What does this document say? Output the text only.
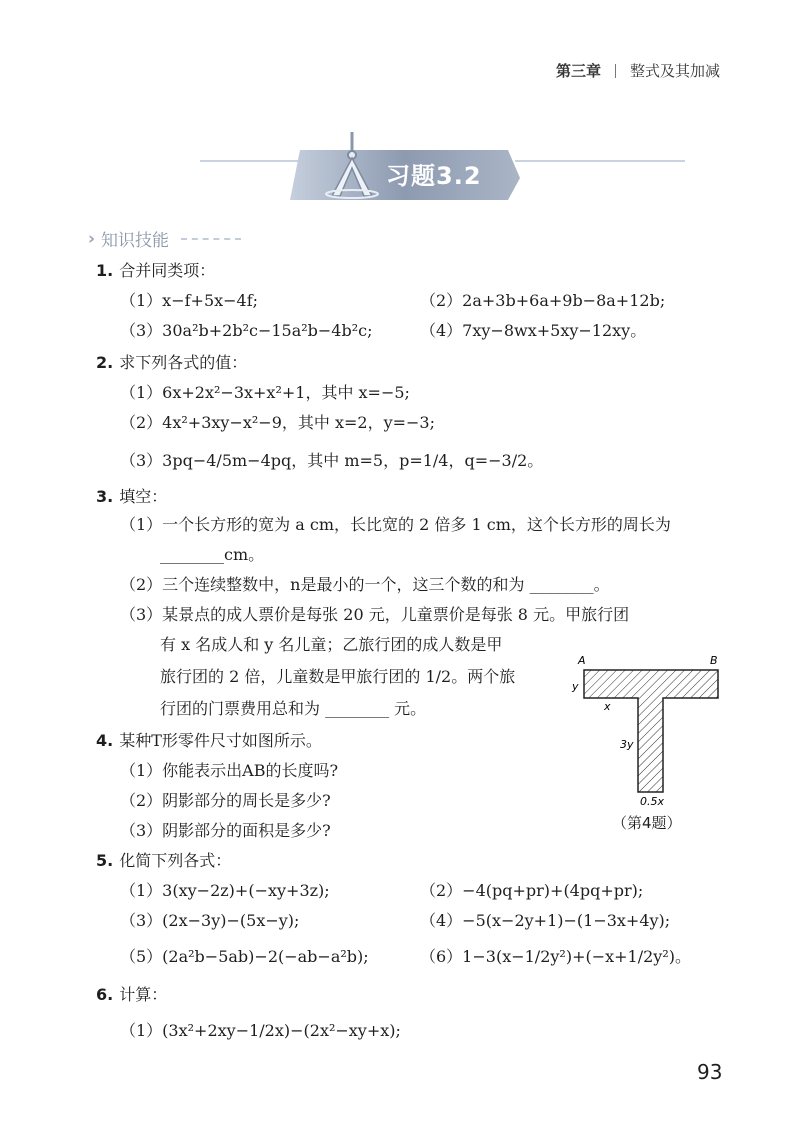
第三章 整式及其加减
习题3.2
› 知识技能
1. 合并同类项：
（1）x−f+5x−4f;	（2）2a+3b+6a+9b−8a+12b;
（3）30a²b+2b²c−15a²b−4b²c;	（4）7xy−8wx+5xy−12xy。
2. 求下列各式的值：
（1）6x+2x²−3x+x²+1，其中 x=−5;
（2）4x²+3xy−x²−9，其中 x=2，y=−3;
（3）3pq−4/5m−4pq，其中 m=5，p=1/4，q=−3/2。
3. 填空：
（1）一个长方形的宽为 a cm，长比宽的 2 倍多 1 cm，这个长方形的周长为
________cm。
（2）三个连续整数中，n是最小的一个，这三个数的和为 ________。
（3）某景点的成人票价是每张 20 元，儿童票价是每张 8 元。甲旅行团
有 x 名成人和 y 名儿童；乙旅行团的成人数是甲
旅行团的 2 倍，儿童数是甲旅行团的 1/2。两个旅
行团的门票费用总和为 ________ 元。
4. 某种T形零件尺寸如图所示。
（1）你能表示出AB的长度吗?
（2）阴影部分的周长是多少?
（3）阴影部分的面积是多少?
A	B
y
x
3y
0.5x
（第4题）
5. 化简下列各式：
（1）3(xy−2z)+(−xy+3z);	（2）−4(pq+pr)+(4pq+pr);
（3）(2x−3y)−(5x−y);	（4）−5(x−2y+1)−(1−3x+4y);
（5）(2a²b−5ab)−2(−ab−a²b);	（6）1−3(x−1/2y²)+(−x+1/2y²)。
6. 计算：
（1）(3x²+2xy−1/2x)−(2x²−xy+x);
93
